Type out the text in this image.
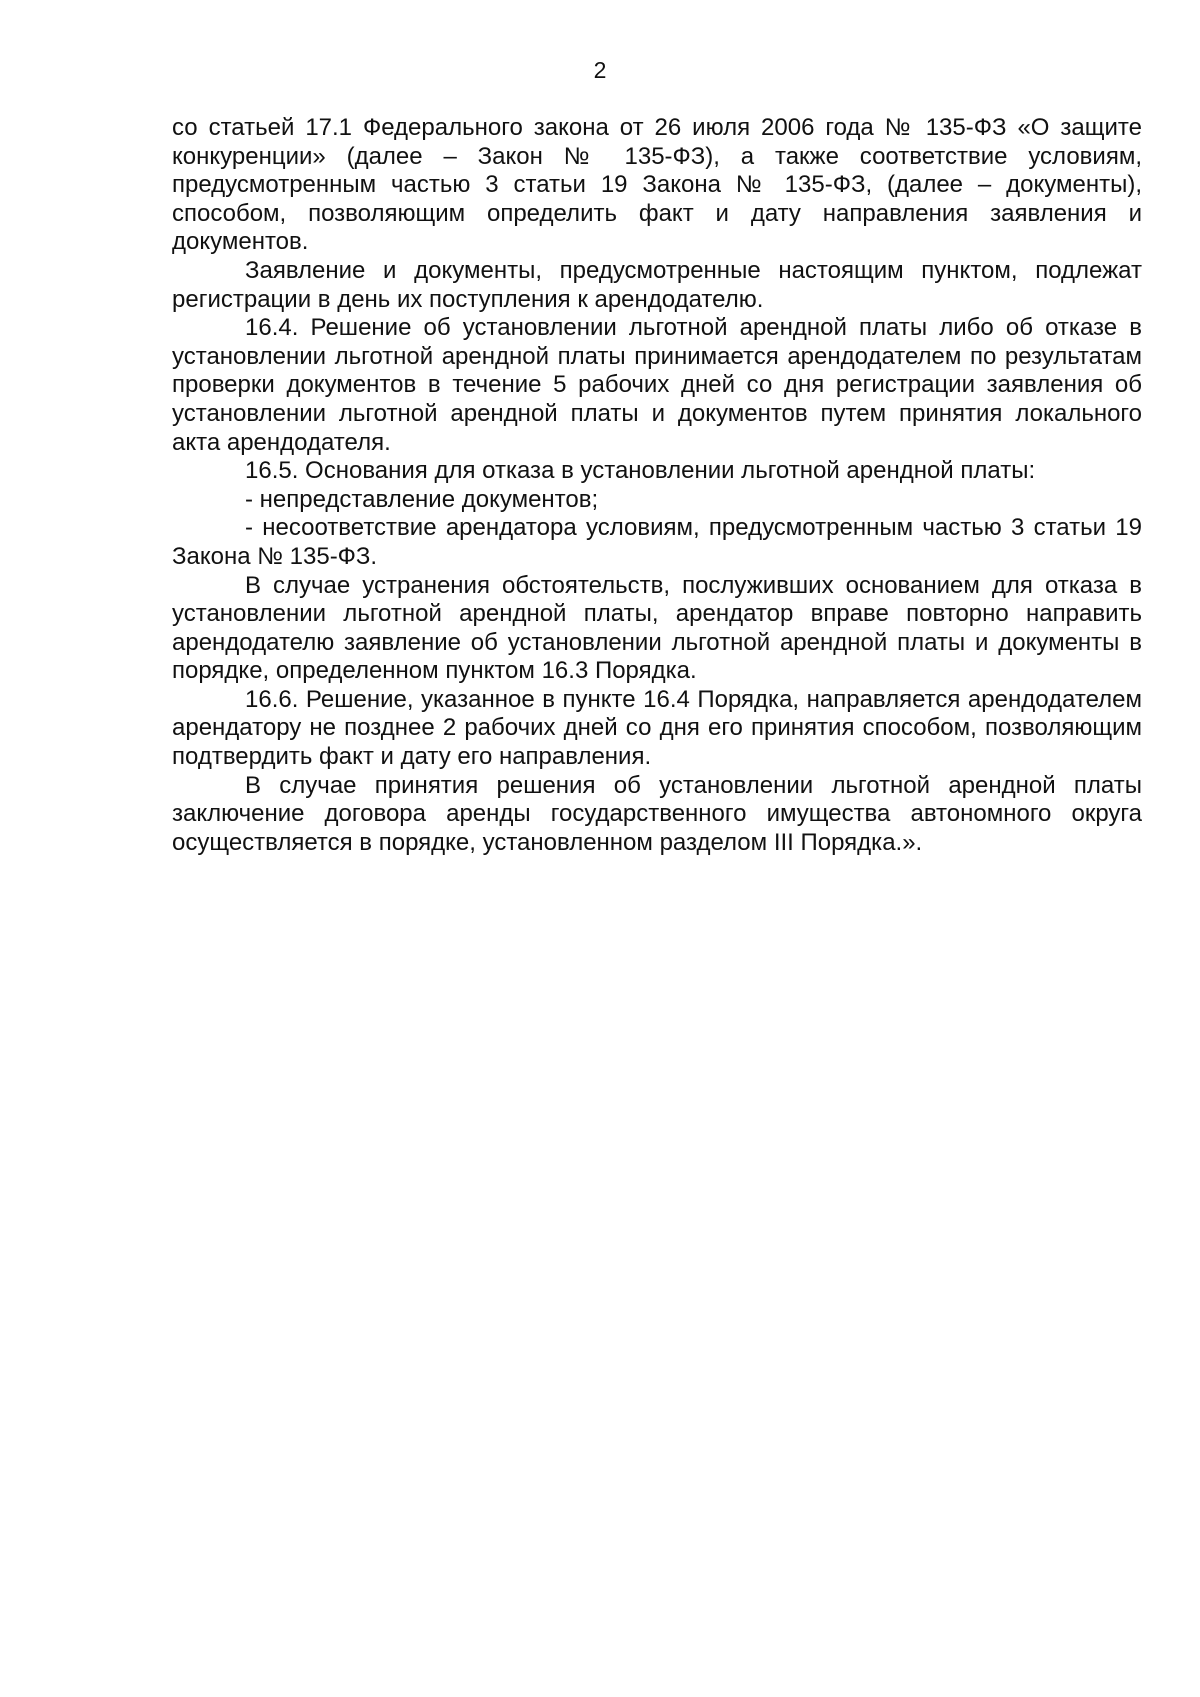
2

со статьей 17.1 Федерального закона от 26 июля 2006 года № 135-ФЗ «О защите конкуренции» (далее – Закон № 135-ФЗ), а также соответствие условиям, предусмотренным частью 3 статьи 19 Закона № 135-ФЗ, (далее – документы), способом, позволяющим определить факт и дату направления заявления и документов.

Заявление и документы, предусмотренные настоящим пунктом, подлежат регистрации в день их поступления к арендодателю.

16.4. Решение об установлении льготной арендной платы либо об отказе в установлении льготной арендной платы принимается арендодателем по результатам проверки документов в течение 5 рабочих дней со дня регистрации заявления об установлении льготной арендной платы и документов путем принятия локального акта арендодателя.

16.5. Основания для отказа в установлении льготной арендной платы:

- непредставление документов;

- несоответствие арендатора условиям, предусмотренным частью 3 статьи 19 Закона № 135-ФЗ.

В случае устранения обстоятельств, послуживших основанием для отказа в установлении льготной арендной платы, арендатор вправе повторно направить арендодателю заявление об установлении льготной арендной платы и документы в порядке, определенном пунктом 16.3 Порядка.

16.6. Решение, указанное в пункте 16.4 Порядка, направляется арендодателем арендатору не позднее 2 рабочих дней со дня его принятия способом, позволяющим подтвердить факт и дату его направления.

В случае принятия решения об установлении льготной арендной платы заключение договора аренды государственного имущества автономного округа осуществляется в порядке, установленном разделом III Порядка.».
